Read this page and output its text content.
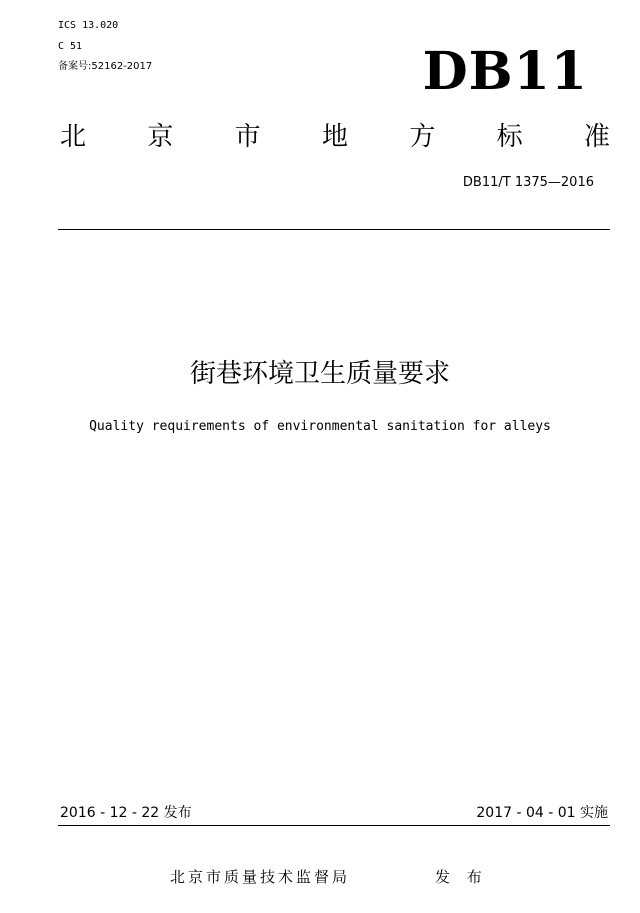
ICS 13.020
C 51
备案号:52162-2017	DB11
北 京 市 地 方 标 准
DB11/T 1375—2016
街巷环境卫生质量要求
Quality requirements of environmental sanitation for alleys
2016 - 12 - 22 发布	2017 - 04 - 01 实施
北京市质量技术监督局	发 布
